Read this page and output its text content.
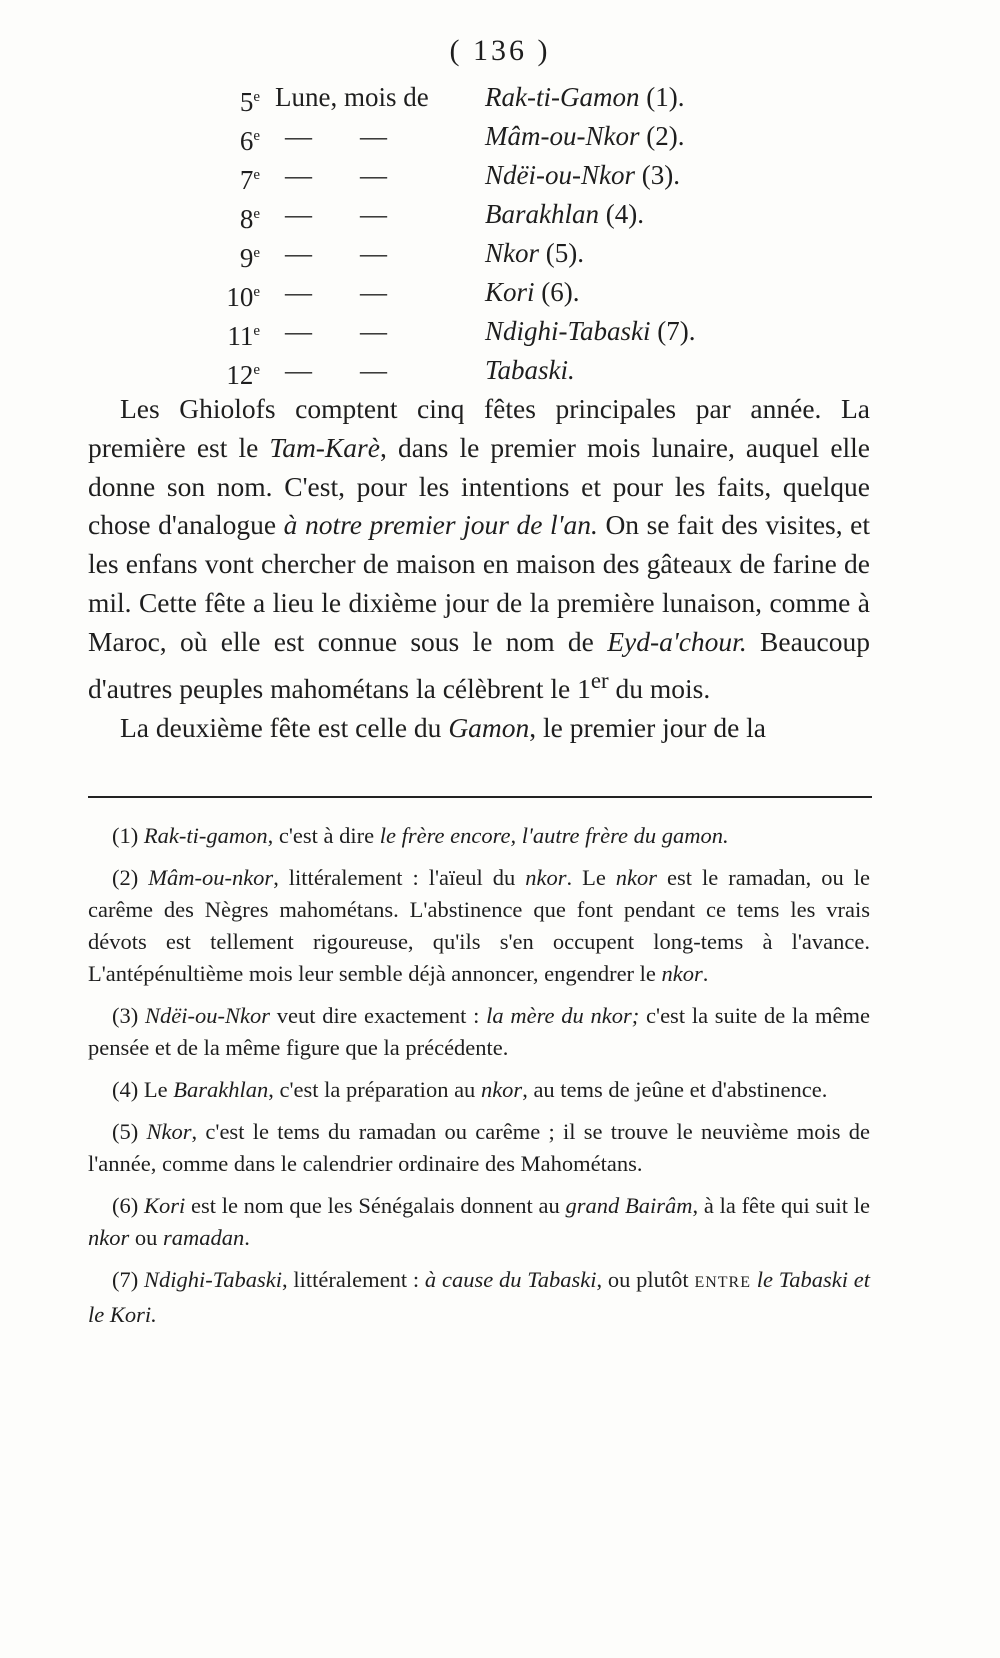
( 136 )
5e Lune, mois de Rak-ti-Gamon (1).
6e — —	Mâm-ou-Nkor (2).
7e — —	Ndëi-ou-Nkor (3).
8e — —	Barakhlan (4).
9e — —	Nkor (5).
10e — —	Kori (6).
11e — —	Ndighi-Tabaski (7).
12e — —	Tabaski.

Les Ghiolofs comptent cinq fêtes principales par année. La première est le Tam-Karè, dans le premier mois lunaire, auquel elle donne son nom. C'est, pour les intentions et pour les faits, quelque chose d'analogue à notre premier jour de l'an. On se fait des visites, et les enfans vont chercher de maison en maison des gâteaux de farine de mil. Cette fête a lieu le dixième jour de la première lunaison, comme à Maroc, où elle est connue sous le nom de Eyd-a'chour. Beaucoup d'autres peuples mahométans la célèbrent le 1er du mois.

La deuxième fête est celle du Gamon, le premier jour de la

(1) Rak-ti-gamon, c'est à dire le frère encore, l'autre frère du gamon.

(2) Mâm-ou-nkor, littéralement : l'aïeul du nkor. Le nkor est le ramadan, ou le carême des Nègres mahométans. L'abstinence que font pendant ce tems les vrais dévots est tellement rigoureuse, qu'ils s'en occupent long-tems à l'avance. L'antépénultième mois leur semble déjà annoncer, engendrer le nkor.

(3) Ndëi-ou-Nkor veut dire exactement : la mère du nkor; c'est la suite de la même pensée et de la même figure que la précédente.

(4) Le Barakhlan, c'est la préparation au nkor, au tems de jeûne et d'abstinence.

(5) Nkor, c'est le tems du ramadan ou carême ; il se trouve le neuvième mois de l'année, comme dans le calendrier ordinaire des Mahométans.

(6) Kori est le nom que les Sénégalais donnent au grand Bairâm, à la fête qui suit le nkor ou ramadan.

(7) Ndighi-Tabaski, littéralement : à cause du Tabaski, ou plutôt ENTRE le Tabaski et le Kori.
